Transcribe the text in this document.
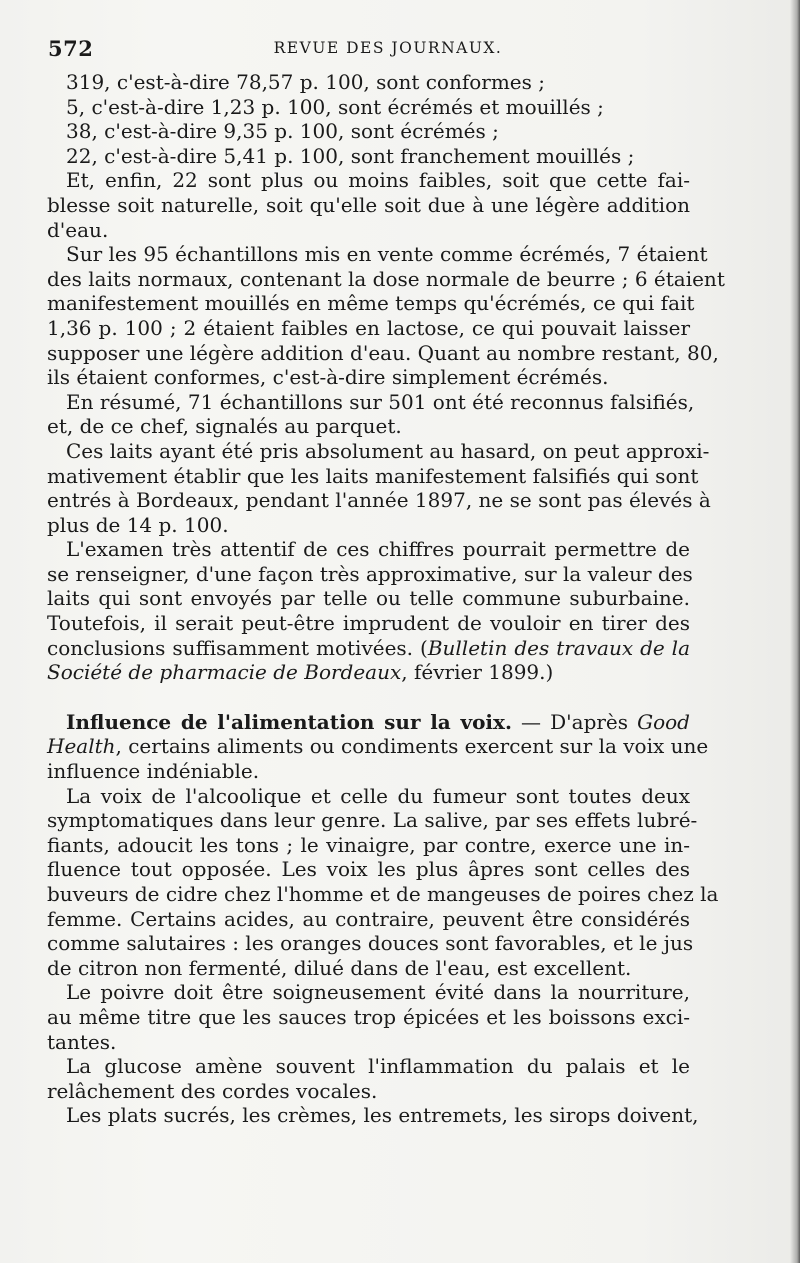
572	REVUE DES JOURNAUX.
319, c'est-à-dire 78,57 p. 100, sont conformes ;
5, c'est-à-dire 1,23 p. 100, sont écrémés et mouillés ;
38, c'est-à-dire 9,35 p. 100, sont écrémés ;
22, c'est-à-dire 5,41 p. 100, sont franchement mouillés ;
Et, enfin, 22 sont plus ou moins faibles, soit que cette fai-
blesse soit naturelle, soit qu'elle soit due à une légère addition
d'eau.
Sur les 95 échantillons mis en vente comme écrémés, 7 étaient
des laits normaux, contenant la dose normale de beurre ; 6 étaient
manifestement mouillés en même temps qu'écrémés, ce qui fait
1,36 p. 100 ; 2 étaient faibles en lactose, ce qui pouvait laisser
supposer une légère addition d'eau. Quant au nombre restant, 80,
ils étaient conformes, c'est-à-dire simplement écrémés.
En résumé, 71 échantillons sur 501 ont été reconnus falsifiés,
et, de ce chef, signalés au parquet.
Ces laits ayant été pris absolument au hasard, on peut approxi-
mativement établir que les laits manifestement falsifiés qui sont
entrés à Bordeaux, pendant l'année 1897, ne se sont pas élevés à
plus de 14 p. 100.
L'examen très attentif de ces chiffres pourrait permettre de
se renseigner, d'une façon très approximative, sur la valeur des
laits qui sont envoyés par telle ou telle commune suburbaine.
Toutefois, il serait peut-être imprudent de vouloir en tirer des
conclusions suffisamment motivées. (Bulletin des travaux de la
Société de pharmacie de Bordeaux, février 1899.)
Influence de l'alimentation sur la voix. — D'après Good
Health, certains aliments ou condiments exercent sur la voix une
influence indéniable.
La voix de l'alcoolique et celle du fumeur sont toutes deux
symptomatiques dans leur genre. La salive, par ses effets lubré-
fiants, adoucit les tons ; le vinaigre, par contre, exerce une in-
fluence tout opposée. Les voix les plus âpres sont celles des
buveurs de cidre chez l'homme et de mangeuses de poires chez la
femme. Certains acides, au contraire, peuvent être considérés
comme salutaires : les oranges douces sont favorables, et le jus
de citron non fermenté, dilué dans de l'eau, est excellent.
Le poivre doit être soigneusement évité dans la nourriture,
au même titre que les sauces trop épicées et les boissons exci-
tantes.
La glucose amène souvent l'inflammation du palais et le
relâchement des cordes vocales.
Les plats sucrés, les crèmes, les entremets, les sirops doivent,
